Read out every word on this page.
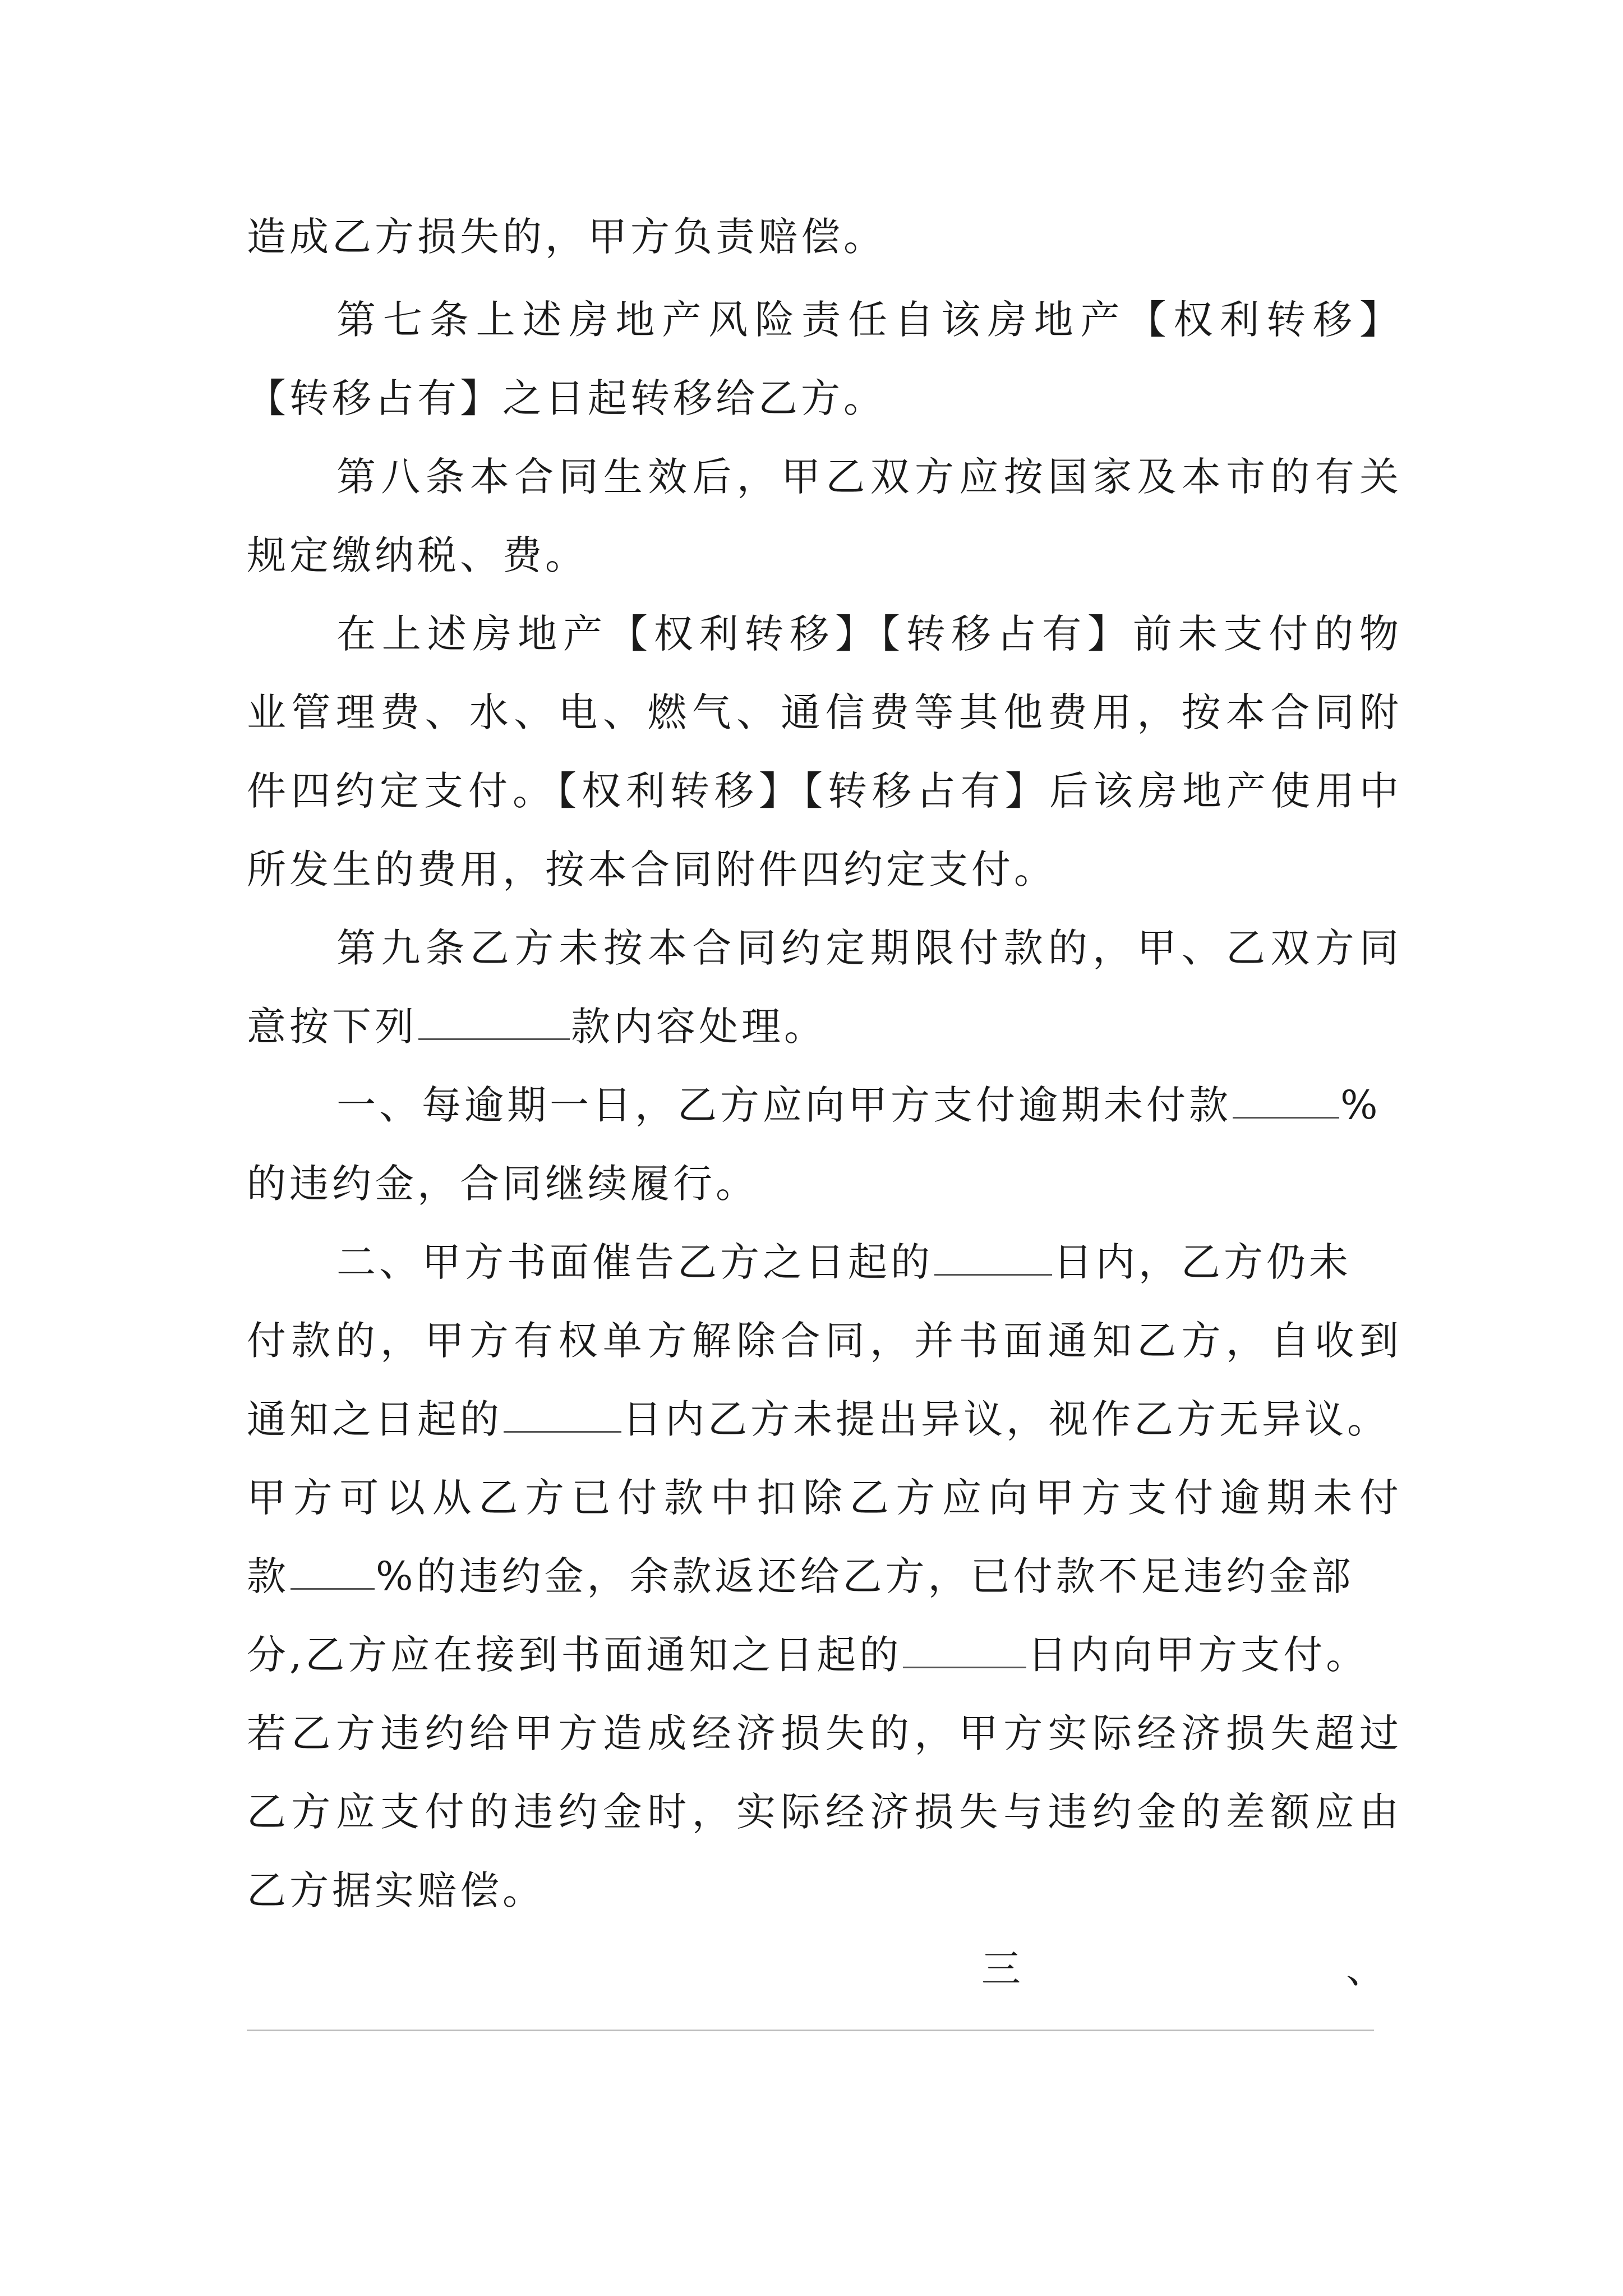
造成乙方损失的，甲方负责赔偿。
第七条上述房地产风险责任自该房地产【权利转移】
【转移占有】之日起转移给乙方。
第八条本合同生效后，甲乙双方应按国家及本市的有关
规定缴纳税、费。
在上述房地产【权利转移】【转移占有】前未支付的物
业管理费、水、电、燃气、通信费等其他费用，按本合同附
件四约定支付。【权利转移】【转移占有】后该房地产使用中
所发生的费用，按本合同附件四约定支付。
第九条乙方未按本合同约定期限付款的，甲、乙双方同
意按下列	款内容处理。
一、每逾期一日，乙方应向甲方支付逾期未付款	%
的违约金，合同继续履行。
二、甲方书面催告乙方之日起的	日内，乙方仍未
付款的，甲方有权单方解除合同，并书面通知乙方，自收到
通知之日起的	日内乙方未提出异议，视作乙方无异议。
甲方可以从乙方已付款中扣除乙方应向甲方支付逾期未付
款 %的违约金，余款返还给乙方，已付款不足违约金部
分,乙方应在接到书面通知之日起的	日内向甲方支付。
若乙方违约给甲方造成经济损失的，甲方实际经济损失超过
乙方应支付的违约金时，实际经济损失与违约金的差额应由
乙方据实赔偿。
三	、
